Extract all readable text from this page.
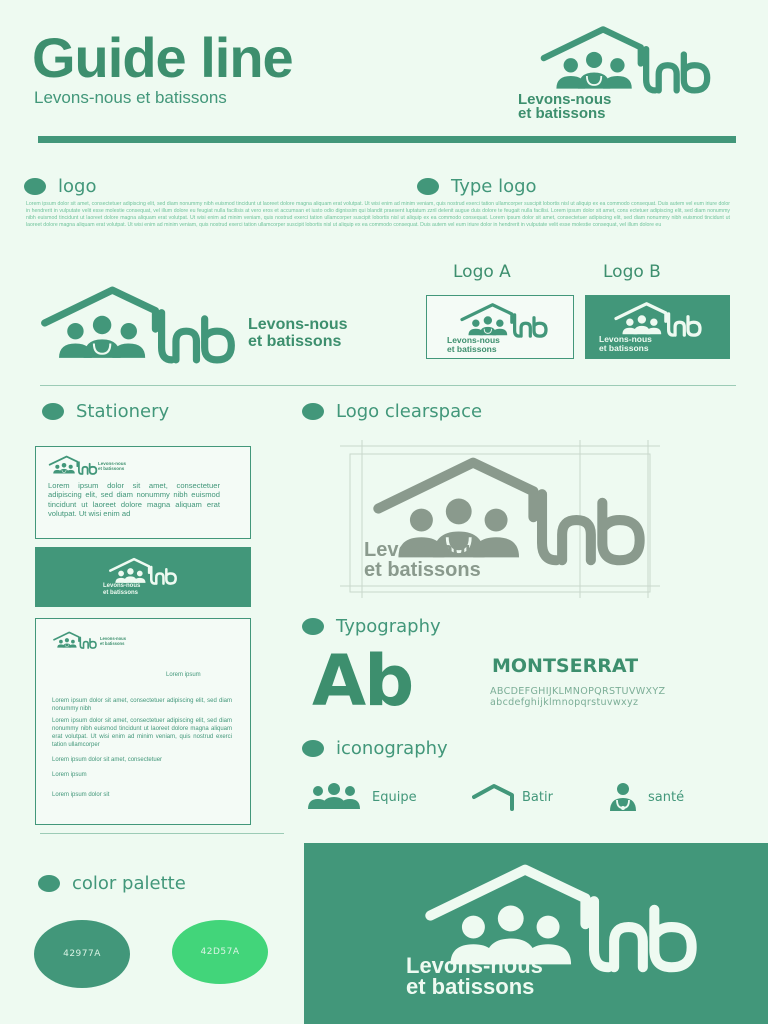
Guide line
Levons-nous et batissons	Levons-nous
et batissons
logo	Type logo
Lorem ipsum dolor sit amet, consectetuer adipiscing elit, sed diam nonummy nibh euismod tincidunt ut laoreet dolore magna aliquam erat volutpat. Ut wisi enim ad minim veniam, quis nostrud exerci tation ullamcorper suscipit lobortis nisl ut aliquip ex ea commodo consequat. Duis autem vel eum iriure dolor in hendrerit in vulputate velit esse molestie consequat, vel illum dolore eu feugiat nulla facilisis at vero eros et accumsan et iusto odio dignissim qui blandit praesent luptatum zzril delenit augue duis dolore te feugait nulla facilisi. Lorem ipsum dolor sit amet, cons ectetuer adipiscing elit, sed diam nonummy nibh euismod tincidunt ut laoreet dolore magna aliquam erat volutpat. Ut wisi enim ad minim veniam, quis nostrud exerci tation ullamcorper suscipit lobortis nisl ut aliquip ex ea commodo consequat. Lorem ipsum dolor sit amet, consectetuer adipiscing elit, sed diam nonummy nibh euismod tincidunt ut laoreet dolore magna aliquam erat volutpat. Ut wisi enim ad minim veniam, quis nostrud exerci tation ullamcorper suscipit lobortis nisl ut aliquip ex ea commodo consequat. Duis autem vel eum iriure dolor in hendrerit in vulputate velit esse molestie consequat, vel illum dolore eu
Levons-nous
et batissons
Logo A	Logo B
Levons-nous
et batissons
Levons-nous
et batissons
Stationery
Levons-nous
et batissons
Lorem ipsum dolor sit amet, consectetuer adipiscing elit, sed diam nonummy nibh euismod tincidunt ut laoreet dolore magna aliquam erat volutpat. Ut wisi enim ad
Levons-nous
et batissons
Levons-nous
et batissons
Lorem ipsum
Lorem ipsum dolor sit amet, consectetuer adipiscing elit, sed diam nonummy nibh
Lorem ipsum dolor sit amet, consectetuer adipiscing elit, sed diam nonummy nibh euismod tincidunt ut laoreet dolore magna aliquam erat volutpat. Ut wisi enim ad minim veniam, quis nostrud exerci tation ullamcorper
Lorem ipsum dolor sit amet, consectetuer
Lorem ipsum
Lorem ipsum dolor sit
Logo clearspace
Levons-nous
et batissons
Typography
Ab	MONTSERRAT
ABCDEFGHIJKLMNOPQRSTUVWXYZ
abcdefghijklmnopqrstuvwxyz
iconography
Equipe	Batir	santé
color palette
42977A	42D57A
Levons-nous
et batissons
